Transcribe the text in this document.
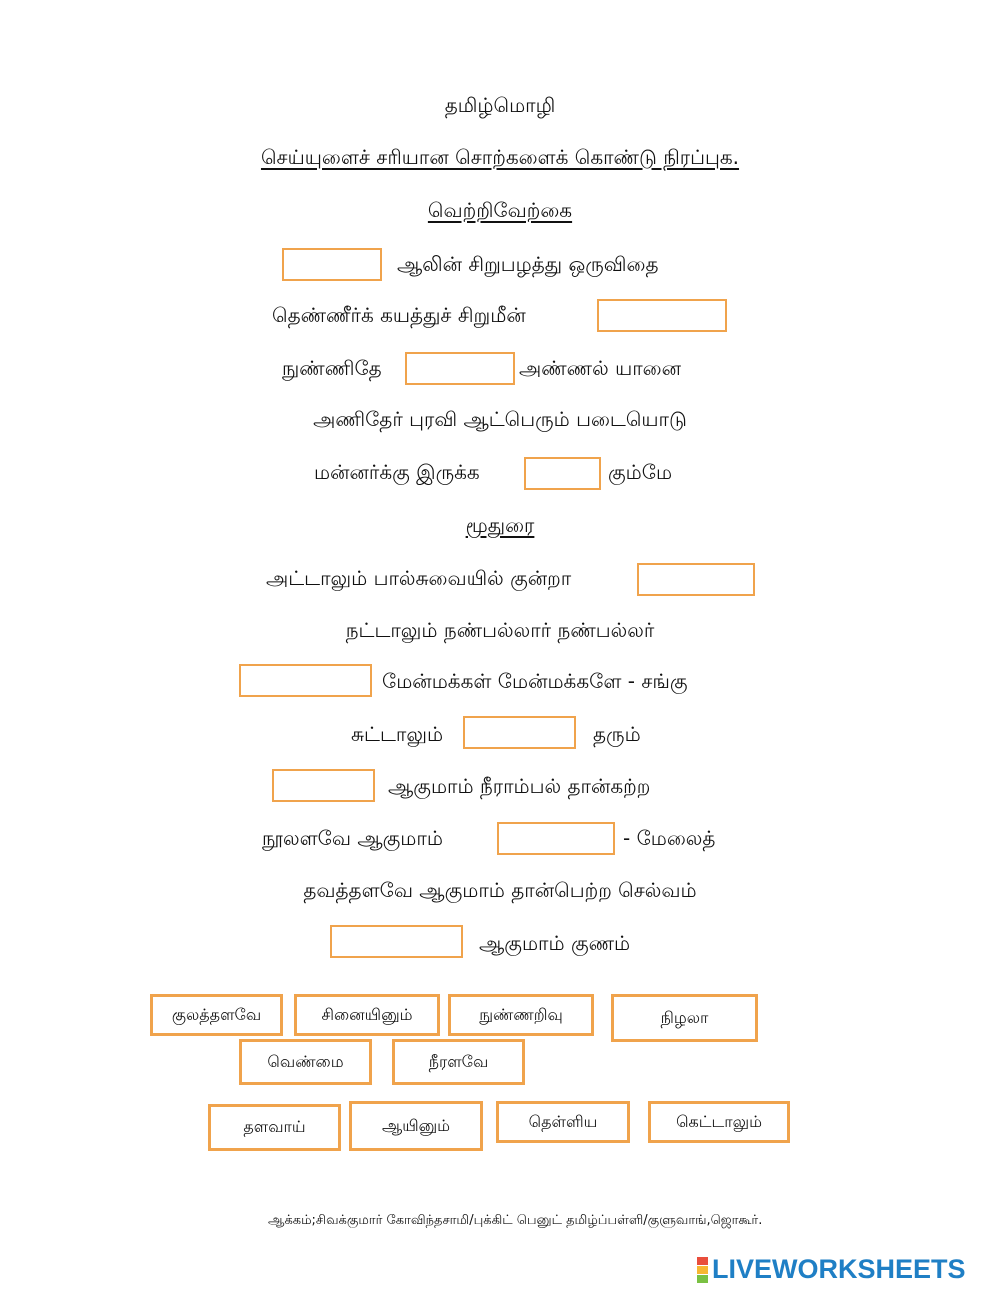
தமிழ்மொழி
செய்யுளைச் சரியான சொற்களைக் கொண்டு நிரப்புக.
வெற்றிவேற்கை
ஆலின் சிறுபழத்து ஒருவிதை
தெண்ணீர்க் கயத்துச் சிறுமீன்
நுண்ணிதே	அண்ணல் யானை
அணிதேர் புரவி ஆட்பெரும் படையொடு
மன்னர்க்கு இருக்க	கும்மே
மூதுரை
அட்டாலும் பால்சுவையில் குன்றா
நட்டாலும் நண்பல்லார் நண்பல்லர்
மேன்மக்கள் மேன்மக்களே - சங்கு
சுட்டாலும்	தரும்
ஆகுமாம் நீராம்பல் தான்கற்ற
நூலளவே ஆகுமாம்	- மேலைத்
தவத்தளவே ஆகுமாம் தான்பெற்ற செல்வம்
ஆகுமாம் குணம்
குலத்தளவே	சினையினும்	நுண்ணறிவு	நிழலா
வெண்மை	நீரளவே
தளவாய்	ஆயினும்	தெள்ளிய	கெட்டாலும்
ஆக்கம்;சிவக்குமார் கோவிந்தசாமி/புக்கிட் பெனுட் தமிழ்ப்பள்ளி/குளுவாங்,ஜொகூர்.
LIVEWORKSHEETS
